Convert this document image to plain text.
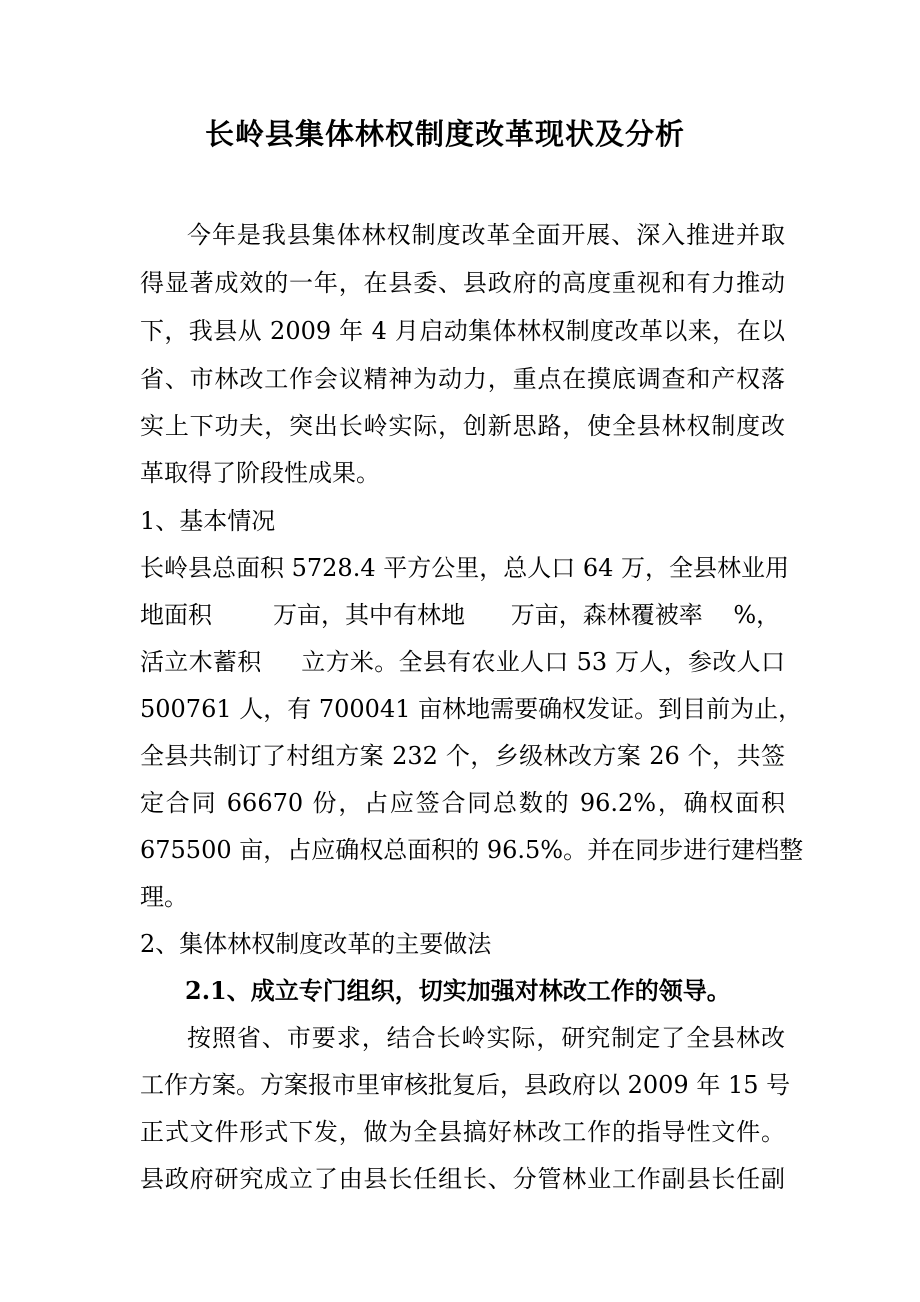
长岭县集体林权制度改革现状及分析
今年是我县集体林权制度改革全面开展、深入推进并取
得显著成效的一年，在县委、县政府的高度重视和有力推动
下，我县从 2009 年 4 月启动集体林权制度改革以来，在以
省、市林改工作会议精神为动力，重点在摸底调查和产权落
实上下功夫，突出长岭实际，创新思路，使全县林权制度改
革取得了阶段性成果。
1、基本情况
长岭县总面积 5728.4 平方公里，总人口 64 万，全县林业用
地面积        万亩，其中有林地      万亩，森林覆被率    %，
活立木蓄积     立方米。全县有农业人口 53 万人，参改人口
500761 人，有 700041 亩林地需要确权发证。到目前为止，
全县共制订了村组方案 232 个，乡级林改方案 26 个，共签
定合同 66670 份，占应签合同总数的 96.2%，确权面积
675500 亩，占应确权总面积的 96.5%。并在同步进行建档整
理。
2、集体林权制度改革的主要做法
2.1、成立专门组织，切实加强对林改工作的领导。
按照省、市要求，结合长岭实际，研究制定了全县林改
工作方案。方案报市里审核批复后，县政府以 2009 年 15 号
正式文件形式下发，做为全县搞好林改工作的指导性文件。
县政府研究成立了由县长任组长、分管林业工作副县长任副
